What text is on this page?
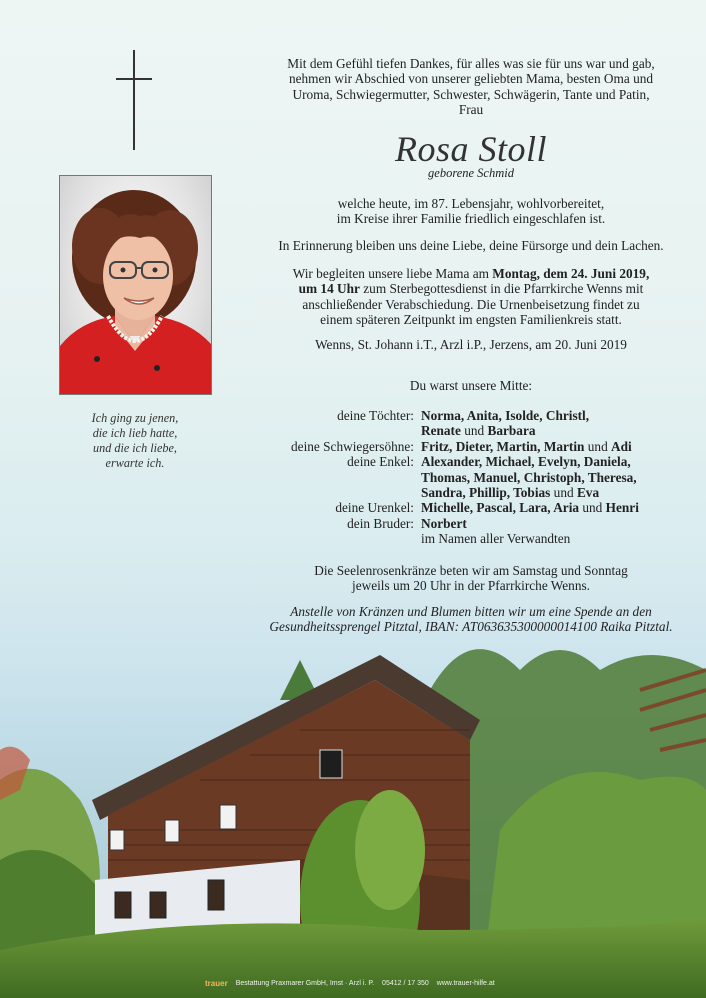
Ich ging zu jenen,
die ich lieb hatte,
und die ich liebe,
erwarte ich.
Mit dem Gefühl tiefen Dankes, für alles was sie für uns war und gab,
nehmen wir Abschied von unserer geliebten Mama, besten Oma und
Uroma, Schwiegermutter, Schwester, Schwägerin, Tante und Patin,
Frau
Rosa Stoll
geborene Schmid
welche heute, im 87. Lebensjahr, wohlvorbereitet,
im Kreise ihrer Familie friedlich eingeschlafen ist.
In Erinnerung bleiben uns deine Liebe, deine Fürsorge und dein Lachen.
Wir begleiten unsere liebe Mama am Montag, dem 24. Juni 2019,
um 14 Uhr zum Sterbegottesdienst in die Pfarrkirche Wenns mit
anschließender Verabschiedung. Die Urnenbeisetzung findet zu
einem späteren Zeitpunkt im engsten Familienkreis statt.
Wenns, St. Johann i.T., Arzl i.P., Jerzens, am 20. Juni 2019
Du warst unsere Mitte:
deine Töchter: Norma, Anita, Isolde, Christl,
Renate und Barbara
deine Schwiegersöhne: Fritz, Dieter, Martin, Martin und Adi
deine Enkel: Alexander, Michael, Evelyn, Daniela,
Thomas, Manuel, Christoph, Theresa,
Sandra, Phillip, Tobias und Eva
deine Urenkel: Michelle, Pascal, Lara, Aria und Henri
dein Bruder: Norbert
im Namen aller Verwandten
Die Seelenrosenkränze beten wir am Samstag und Sonntag
jeweils um 20 Uhr in der Pfarrkirche Wenns.
Anstelle von Kränzen und Blumen bitten wir um eine Spende an den
Gesundheitssprengel Pitztal, IBAN: AT063635300000014100 Raika Pitztal.
trauer Bestattung Praxmarer GmbH, Imst · Arzl i. P. 05412 / 17 350 www.trauer-hilfe.at
